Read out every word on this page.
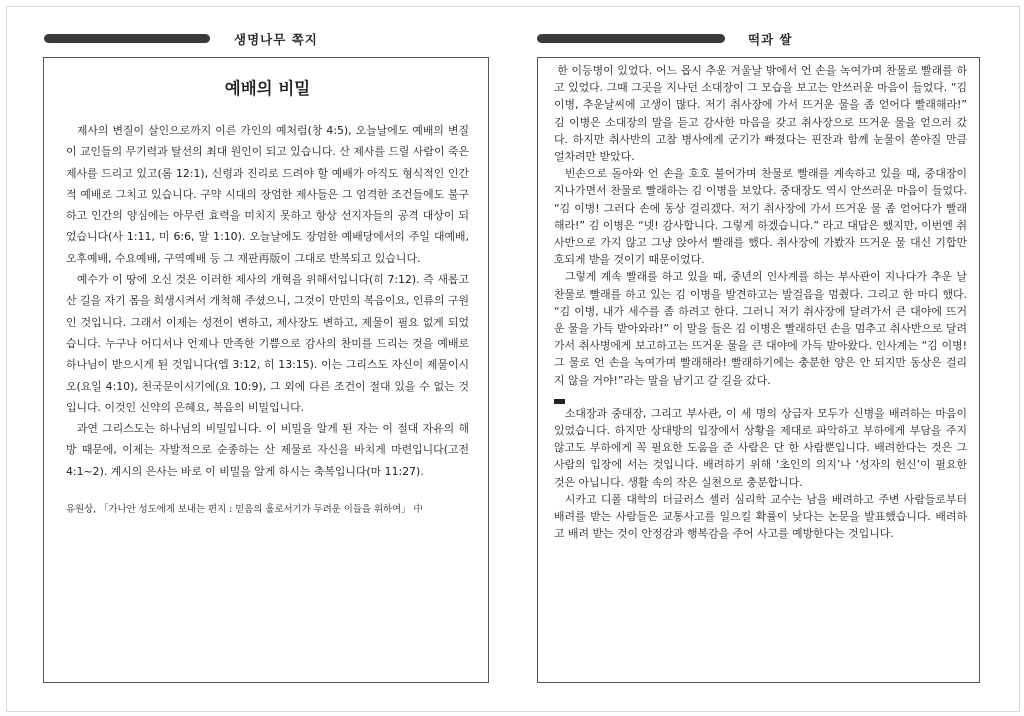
생명나무 쪽지
예배의 비밀

제사의 변질이 살인으로까지 이른 가인의 예처럼(창 4:5), 오늘날에도 예배의 변질이 교인들의 무기력과 탈선의 최대 원인이 되고 있습니다. 산 제사를 드릴 사람이 죽은 제사를 드리고 있고(롬 12:1), 신령과 진리로 드려야 할 예배가 아직도 형식적인 인간적 예배로 그치고 있습니다. 구약 시대의 장엄한 제사들은 그 엄격한 조건들에도 불구하고 인간의 양심에는 아무런 효력을 미치지 못하고 항상 선지자들의 공격 대상이 되었습니다(사 1:11, 미 6:6, 말 1:10). 오늘날에도 장엄한 예배당에서의 주일 대예배, 오후예배, 수요예배, 구역예배 등 그 재판再版이 그대로 반복되고 있습니다.

예수가 이 땅에 오신 것은 이러한 제사의 개혁을 위해서입니다(히 7:12). 즉 새롭고 산 길을 자기 몸을 희생시켜서 개척해 주셨으니, 그것이 만민의 복음이요, 인류의 구원인 것입니다. 그래서 이제는 성전이 변하고, 제사장도 변하고, 제물이 필요 없게 되었습니다. 누구나 어디서나 언제나 만족한 기쁨으로 감사의 찬미를 드리는 것을 예배로 하나님이 받으시게 된 것입니다(엡 3:12, 히 13:15). 이는 그리스도 자신이 제물이시오(요일 4:10), 천국문이시기에(요 10:9), 그 외에 다른 조건이 절대 있을 수 없는 것입니다. 이것인 신약의 은혜요, 복음의 비밀입니다.

과연 그리스도는 하나님의 비밀입니다. 이 비밀을 알게 된 자는 이 절대 자유의 해방 때문에, 이제는 자발적으로 순종하는 산 제물로 자신을 바치게 마련입니다(고전 4:1~2). 계시의 은사는 바로 이 비밀을 알게 하시는 축복입니다(마 11:27).

유원상, 「가나안 성도에게 보내는 편지 : 믿음의 홀로서기가 두려운 이들을 위하여」 中

떡과 쌀

한 이등병이 있었다. 어느 몹시 추운 겨울날 밖에서 언 손을 녹여가며 찬물로 빨래를 하고 있었다. 그때 그곳을 지나던 소대장이 그 모습을 보고는 안쓰러운 마음이 들었다. “김 이병, 추운날씨에 고생이 많다. 저기 취사장에 가서 뜨거운 물을 좀 얻어다 빨래해라!” 김 이병은 소대장의 말을 듣고 감사한 마음을 갖고 취사장으로 뜨거운 물을 얻으러 갔다. 하지만 취사반의 고참 병사에게 군기가 빠졌다는 핀잔과 함께 눈물이 쏟아질 만큼 얼차려만 받았다.

빈손으로 돌아와 언 손을 호호 불어가며 찬물로 빨래를 계속하고 있을 때, 중대장이 지나가면서 찬물로 빨래하는 김 이병을 보았다. 중대장도 역시 안쓰러운 마음이 들었다. “김 이병! 그러다 손에 동상 걸리겠다. 저기 취사장에 가서 뜨거운 물 좀 얻어다가 빨래해라!” 김 이병은 “넷! 감사합니다. 그렇게 하겠습니다.” 라고 대답은 했지만, 이번엔 취사반으로 가지 않고 그냥 앉아서 빨래를 했다. 취사장에 가봤자 뜨거운 물 대신 기합만 호되게 받을 것이기 때문이었다.

그렇게 계속 빨래를 하고 있을 때, 중년의 인사계를 하는 부사관이 지나다가 추운 날 찬물로 빨래를 하고 있는 김 이병을 발견하고는 발걸음을 멈췄다. 그리고 한 마디 했다. “김 이병, 내가 세수를 좀 하려고 한다. 그러니 저기 취사장에 달려가서 큰 대야에 뜨거운 물을 가득 받아와라!” 이 말을 들은 김 이병은 빨래하던 손을 멈추고 취사반으로 달려가서 취사병에게 보고하고는 뜨거운 물을 큰 대야에 가득 받아왔다. 인사계는 “김 이병! 그 물로 언 손을 녹여가며 빨래해라! 빨래하기에는 충분한 양은 안 되지만 동상은 걸리지 않을 거야!”라는 말을 남기고 갈 길을 갔다.

소대장과 중대장, 그리고 부사관, 이 세 명의 상급자 모두가 신병을 배려하는 마음이 있었습니다. 하지만 상대방의 입장에서 상황을 제대로 파악하고 부하에게 부담을 주지 않고도 부하에게 꼭 필요한 도움을 준 사람은 단 한 사람뿐입니다. 배려한다는 것은 그 사람의 입장에 서는 것입니다. 배려하기 위해 ‘초인의 의지’나 ‘성자의 헌신’이 필요한 것은 아닙니다. 생활 속의 작은 실천으로 충분합니다.

시카고 디폴 대학의 더글러스 셸러 심리학 교수는 남을 배려하고 주변 사람들로부터 배려를 받는 사람들은 교통사고를 일으킬 확률이 낮다는 논문을 발표했습니다. 배려하고 배려 받는 것이 안정감과 행복감을 주어 사고를 예방한다는 것입니다.
